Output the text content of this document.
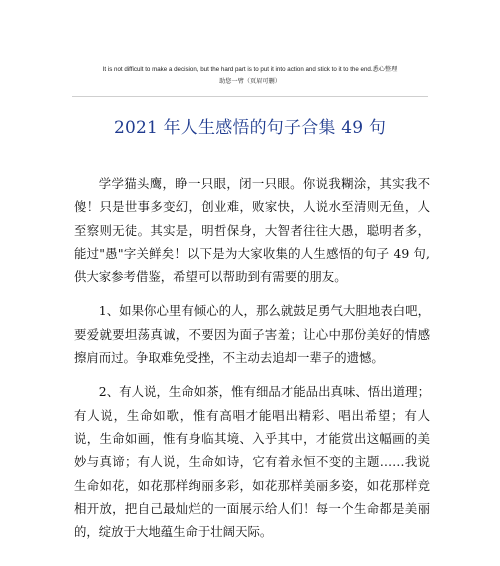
It is not difficult to make a decision, but the hard part is to put it into action and stick to it to the end.悉心整理
助您一臂（页眉可删）
2021 年人生感悟的句子合集 49 句

学学猫头鹰，睁一只眼，闭一只眼。你说我糊涂，其实我不傻！只是世事多变幻，创业难，败家快，人说水至清则无鱼，人至察则无徒。其实是，明哲保身，大智者往往大愚，聪明者多，能过"愚"字关鲜矣！以下是为大家收集的人生感悟的句子 49 句,供大家参考借鉴，希望可以帮助到有需要的朋友。

1、如果你心里有倾心的人，那么就鼓足勇气大胆地表白吧，要爱就要坦荡真诚，不要因为面子害羞；让心中那份美好的情感擦肩而过。争取难免受挫，不主动去追却一辈子的遗憾。

2、有人说，生命如茶，惟有细品才能品出真味、悟出道理；有人说，生命如歌，惟有高唱才能唱出精彩、唱出希望；有人说，生命如画，惟有身临其境、入乎其中，才能赏出这幅画的美妙与真谛；有人说，生命如诗，它有着永恒不变的主题……我说生命如花，如花那样绚丽多彩，如花那样美丽多姿，如花那样竞相开放，把自己最灿烂的一面展示给人们！每一个生命都是美丽的，绽放于大地蕴生命于壮阔天际。
